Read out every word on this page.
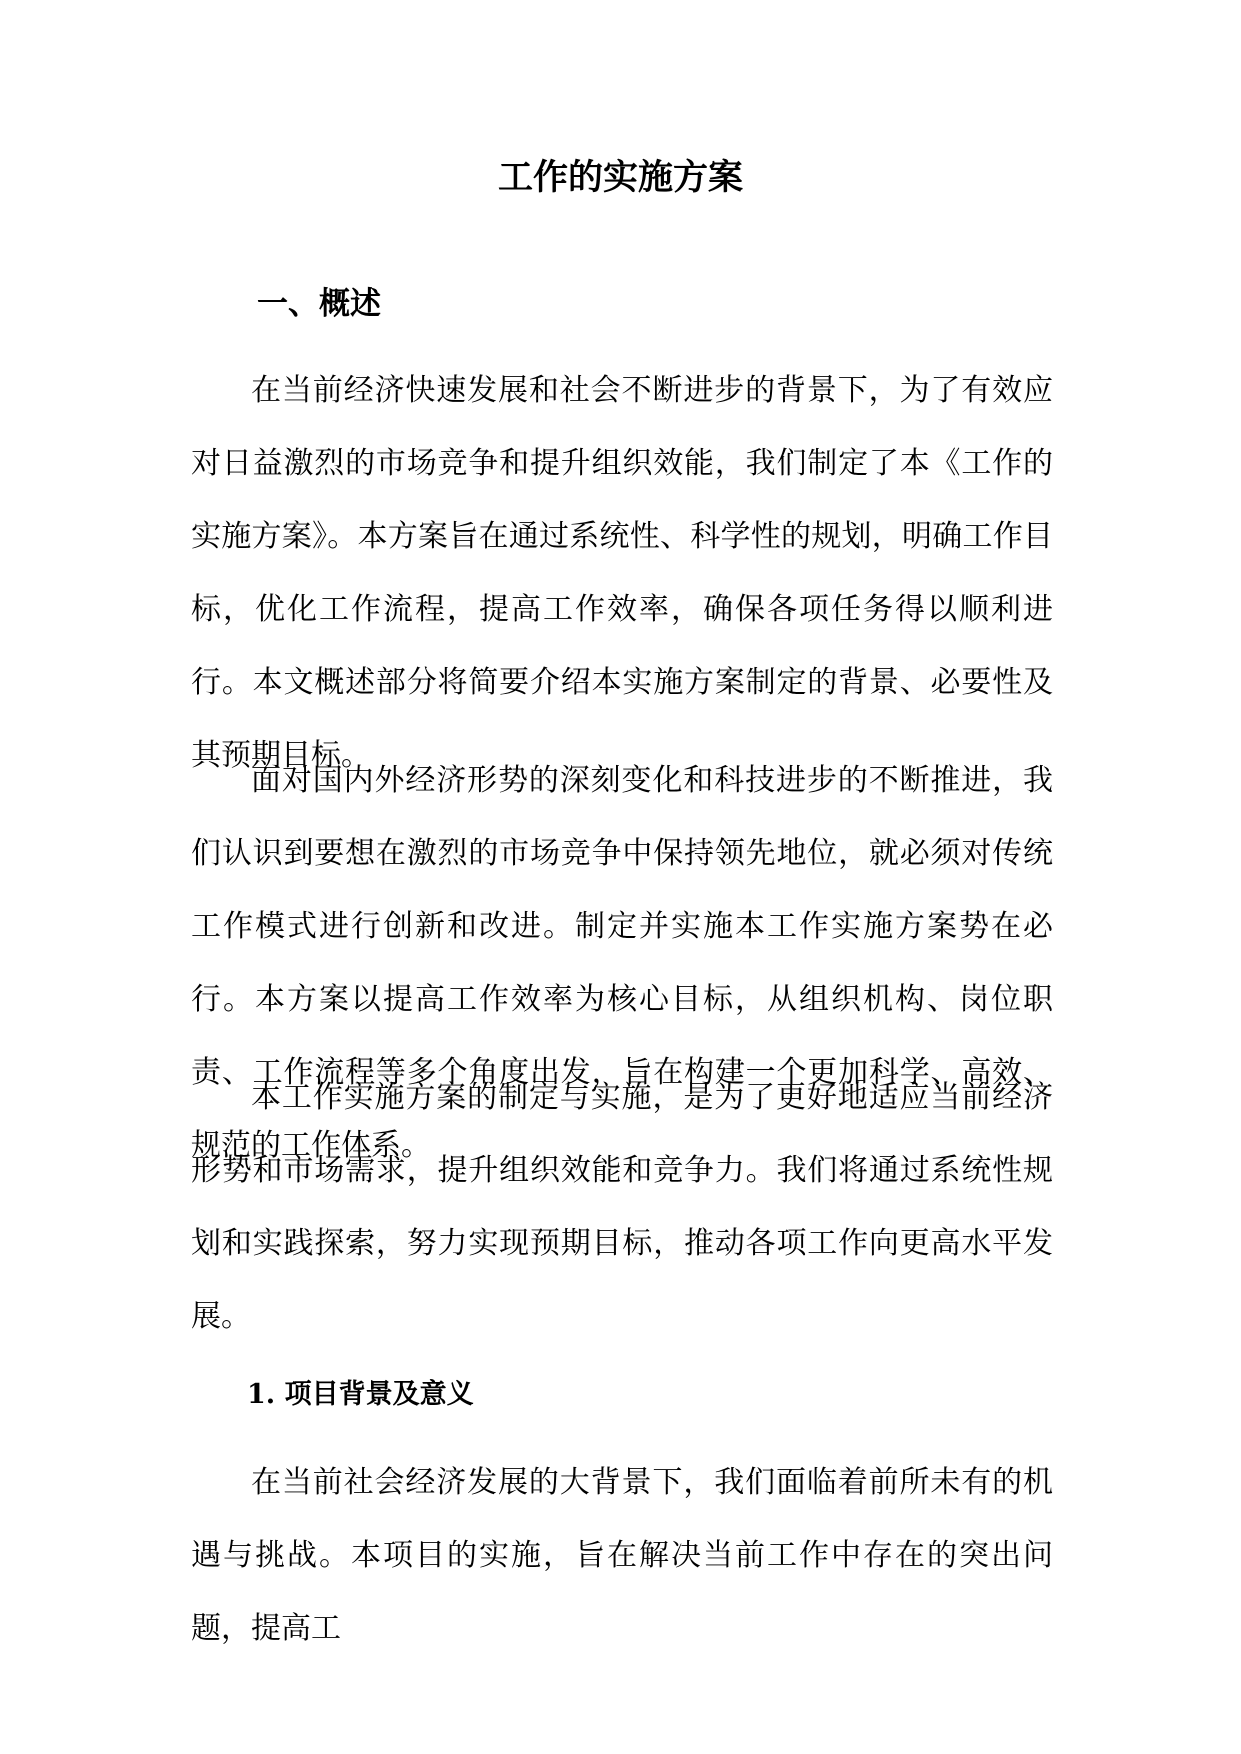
工作的实施方案
一、概述

在当前经济快速发展和社会不断进步的背景下，为了有效应对日益激烈的市场竞争和提升组织效能，我们制定了本《工作的实施方案》。本方案旨在通过系统性、科学性的规划，明确工作目标，优化工作流程，提高工作效率，确保各项任务得以顺利进行。本文概述部分将简要介绍本实施方案制定的背景、必要性及其预期目标。

面对国内外经济形势的深刻变化和科技进步的不断推进，我们认识到要想在激烈的市场竞争中保持领先地位，就必须对传统工作模式进行创新和改进。制定并实施本工作实施方案势在必行。本方案以提高工作效率为核心目标，从组织机构、岗位职责、工作流程等多个角度出发，旨在构建一个更加科学、高效、规范的工作体系。

本工作实施方案的制定与实施，是为了更好地适应当前经济形势和市场需求，提升组织效能和竞争力。我们将通过系统性规划和实践探索，努力实现预期目标，推动各项工作向更高水平发展。

1. 项目背景及意义

在当前社会经济发展的大背景下，我们面临着前所未有的机遇与挑战。本项目的实施，旨在解决当前工作中存在的突出问题，提高工
